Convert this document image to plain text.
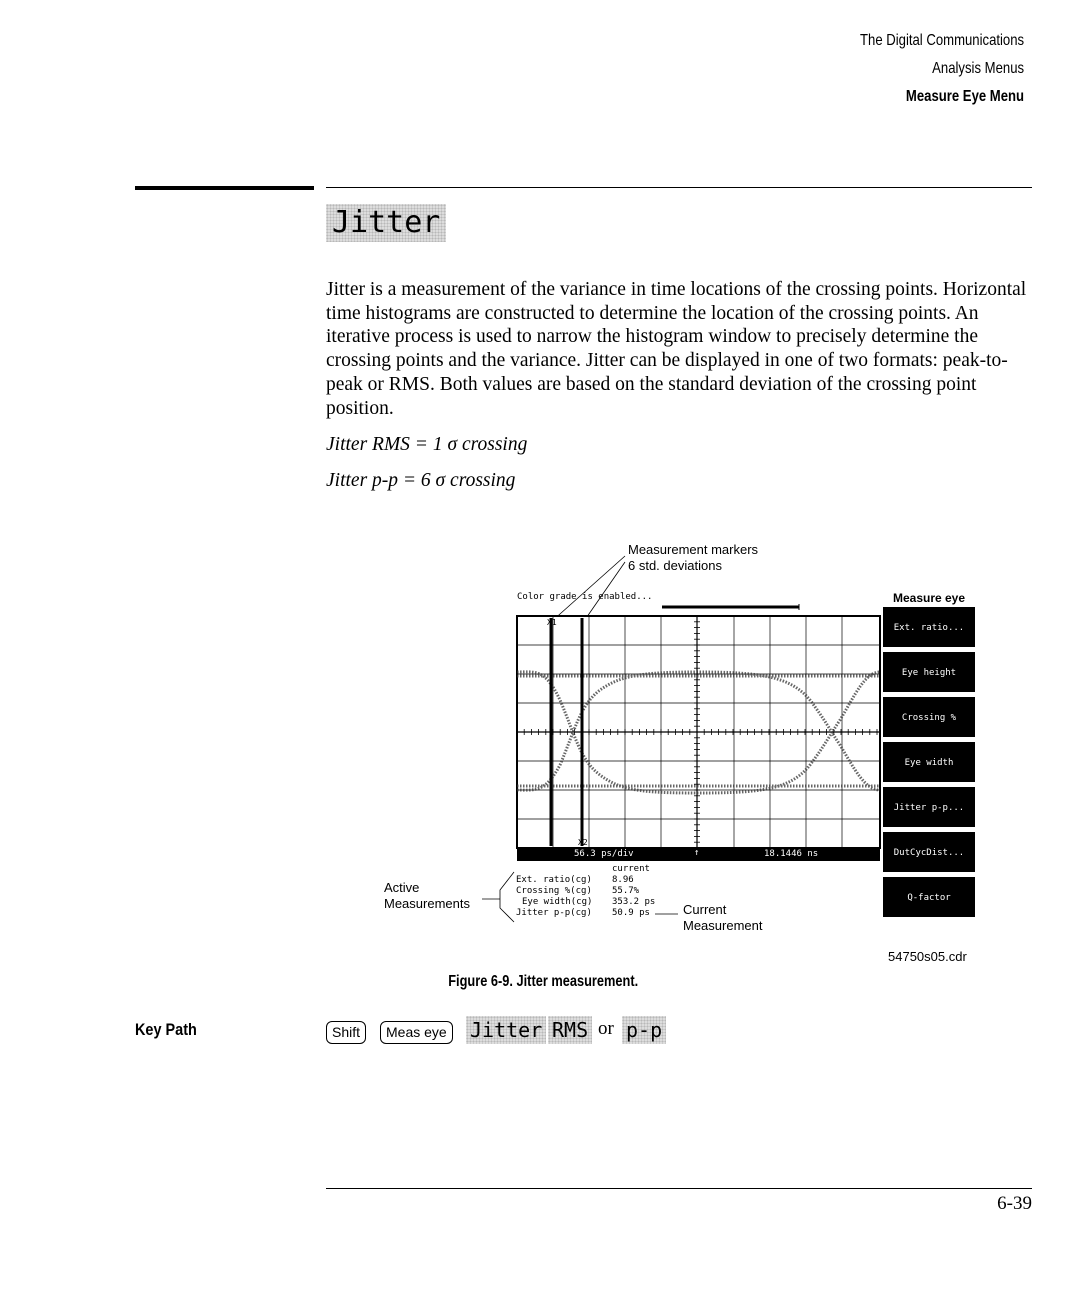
The Digital Communications
Analysis Menus
Measure Eye Menu
Jitter

Jitter is a measurement of the variance in time locations of the crossing points. Horizontal time histograms are constructed to determine the location of the crossing points. An iterative process is used to narrow the histogram window to precisely determine the crossing points and the variance. Jitter can be displayed in one of two formats: peak-to-peak or RMS. Both values are based on the standard deviation of the crossing point position.

Jitter RMS = 1 σ crossing
Jitter p-p = 6 σ crossing
Measurement markers
6 std. deviations
Color grade is enabled...
X1
X2
56.3 ps/div	↑	18.1446 ns
current
Ext. ratio(cg) 8.96
Crossing %(cg) 55.7%
Eye width(cg) 353.2 ps
Jitter p-p(cg) 50.9 ps
Active
Measurements	Current
Measurement
Measure eye
Ext. ratio...
Eye height
Crossing %
Eye width
Jitter p-p...
DutCycDist...
Q-factor
54750s05.cdr
Figure 6-9. Jitter measurement.
Key Path	Shift	Meas eye	Jitter RMS or p-p
6-39
